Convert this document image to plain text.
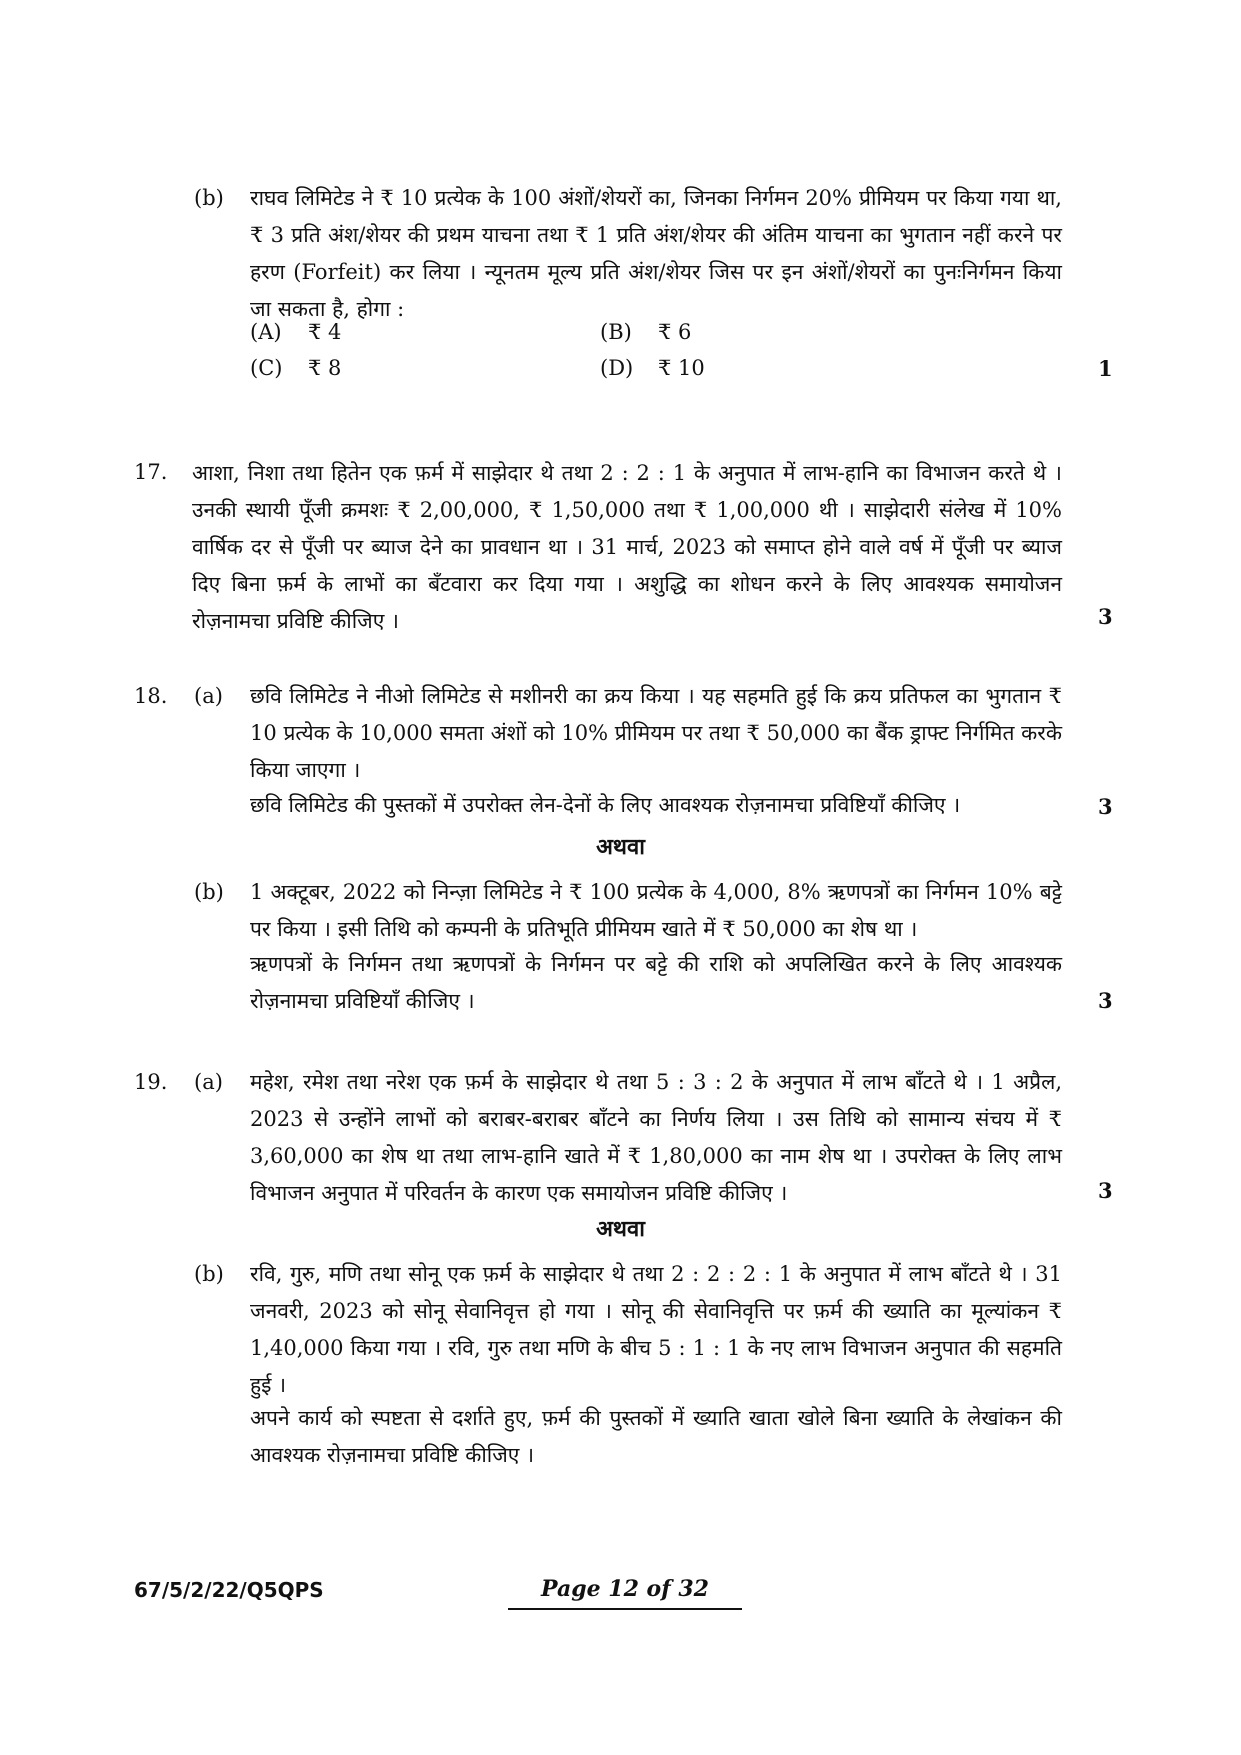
(b) राघव लिमिटेड ने ₹ 10 प्रत्येक के 100 अंशों/शेयरों का, जिनका निर्गमन 20% प्रीमियम पर किया गया था, ₹ 3 प्रति अंश/शेयर की प्रथम याचना तथा ₹ 1 प्रति अंश/शेयर की अंतिम याचना का भुगतान नहीं करने पर हरण (Forfeit) कर लिया । न्यूनतम मूल्य प्रति अंश/शेयर जिस पर इन अंशों/शेयरों का पुनःनिर्गमन किया जा सकता है, होगा :

(A) ₹ 4	(B) ₹ 6
(C) ₹ 8	(D) ₹ 10	1
17. आशा, निशा तथा हितेन एक फ़र्म में साझेदार थे तथा 2 : 2 : 1 के अनुपात में लाभ-हानि का विभाजन करते थे । उनकी स्थायी पूँजी क्रमशः ₹ 2,00,000, ₹ 1,50,000 तथा ₹ 1,00,000 थी । साझेदारी संलेख में 10% वार्षिक दर से पूँजी पर ब्याज देने का प्रावधान था । 31 मार्च, 2023 को समाप्त होने वाले वर्ष में पूँजी पर ब्याज दिए बिना फ़र्म के लाभों का बँटवारा कर दिया गया । अशुद्धि का शोधन करने के लिए आवश्यक समायोजन रोज़नामचा प्रविष्टि कीजिए ।	3
18. (a) छवि लिमिटेड ने नीओ लिमिटेड से मशीनरी का क्रय किया । यह सहमति हुई कि क्रय प्रतिफल का भुगतान ₹ 10 प्रत्येक के 10,000 समता अंशों को 10% प्रीमियम पर तथा ₹ 50,000 का बैंक ड्राफ्ट निर्गमित करके किया जाएगा ।

छवि लिमिटेड की पुस्तकों में उपरोक्त लेन-देनों के लिए आवश्यक रोज़नामचा प्रविष्टियाँ कीजिए ।	3
अथवा
(b) 1 अक्टूबर, 2022 को निन्ज़ा लिमिटेड ने ₹ 100 प्रत्येक के 4,000, 8% ऋणपत्रों का निर्गमन 10% बट्टे पर किया । इसी तिथि को कम्पनी के प्रतिभूति प्रीमियम खाते में ₹ 50,000 का शेष था ।

ऋणपत्रों के निर्गमन तथा ऋणपत्रों के निर्गमन पर बट्टे की राशि को अपलिखित करने के लिए आवश्यक रोज़नामचा प्रविष्टियाँ कीजिए ।	3
19. (a) महेश, रमेश तथा नरेश एक फ़र्म के साझेदार थे तथा 5 : 3 : 2 के अनुपात में लाभ बाँटते थे । 1 अप्रैल, 2023 से उन्होंने लाभों को बराबर-बराबर बाँटने का निर्णय लिया । उस तिथि को सामान्य संचय में ₹ 3,60,000 का शेष था तथा लाभ-हानि खाते में ₹ 1,80,000 का नाम शेष था । उपरोक्त के लिए लाभ विभाजन अनुपात में परिवर्तन के कारण एक समायोजन प्रविष्टि कीजिए ।	3
अथवा
(b) रवि, गुरु, मणि तथा सोनू एक फ़र्म के साझेदार थे तथा 2 : 2 : 2 : 1 के अनुपात में लाभ बाँटते थे । 31 जनवरी, 2023 को सोनू सेवानिवृत्त हो गया । सोनू की सेवानिवृत्ति पर फ़र्म की ख्याति का मूल्यांकन ₹ 1,40,000 किया गया । रवि, गुरु तथा मणि के बीच 5 : 1 : 1 के नए लाभ विभाजन अनुपात की सहमति हुई ।

अपने कार्य को स्पष्टता से दर्शाते हुए, फ़र्म की पुस्तकों में ख्याति खाता खोले बिना ख्याति के लेखांकन की आवश्यक रोज़नामचा प्रविष्टि कीजिए ।

67/5/2/22/Q5QPS	Page 12 of 32
